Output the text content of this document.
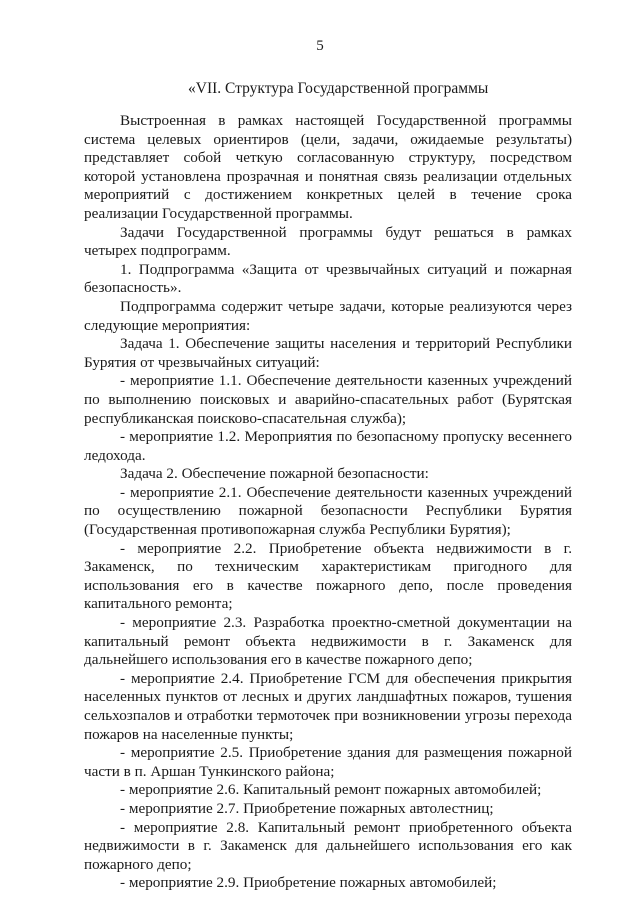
5
«VII. Структура Государственной программы

Выстроенная в рамках настоящей Государственной программы система целевых ориентиров (цели, задачи, ожидаемые результаты) представляет собой четкую согласованную структуру, посредством которой установлена прозрачная и понятная связь реализации отдельных мероприятий с достижением конкретных целей в течение срока реализации Государственной программы.

Задачи Государственной программы будут решаться в рамках четырех подпрограмм.

1. Подпрограмма «Защита от чрезвычайных ситуаций и пожарная безопасность».

Подпрограмма содержит четыре задачи, которые реализуются через следующие мероприятия:

Задача 1. Обеспечение защиты населения и территорий Республики Бурятия от чрезвычайных ситуаций:

- мероприятие 1.1. Обеспечение деятельности казенных учреждений по выполнению поисковых и аварийно-спасательных работ (Бурятская республиканская поисково-спасательная служба);

- мероприятие 1.2. Мероприятия по безопасному пропуску весеннего ледохода.

Задача 2. Обеспечение пожарной безопасности:

- мероприятие 2.1. Обеспечение деятельности казенных учреждений по осуществлению пожарной безопасности Республики Бурятия (Государственная противопожарная служба Республики Бурятия);

- мероприятие 2.2. Приобретение объекта недвижимости в г. Закаменск, по техническим характеристикам пригодного для использования его в качестве пожарного депо, после проведения капитального ремонта;

- мероприятие 2.3. Разработка проектно-сметной документации на капитальный ремонт объекта недвижимости в г. Закаменск для дальнейшего использования его в качестве пожарного депо;

- мероприятие 2.4. Приобретение ГСМ для обеспечения прикрытия населенных пунктов от лесных и других ландшафтных пожаров, тушения сельхозпалов и отработки термоточек при возникновении угрозы перехода пожаров на населенные пункты;

- мероприятие 2.5. Приобретение здания для размещения пожарной части в п. Аршан Тункинского района;

- мероприятие 2.6. Капитальный ремонт пожарных автомобилей;

- мероприятие 2.7. Приобретение пожарных автолестниц;

- мероприятие 2.8. Капитальный ремонт приобретенного объекта недвижимости в г. Закаменск для дальнейшего использования его как пожарного депо;

- мероприятие 2.9. Приобретение пожарных автомобилей;
